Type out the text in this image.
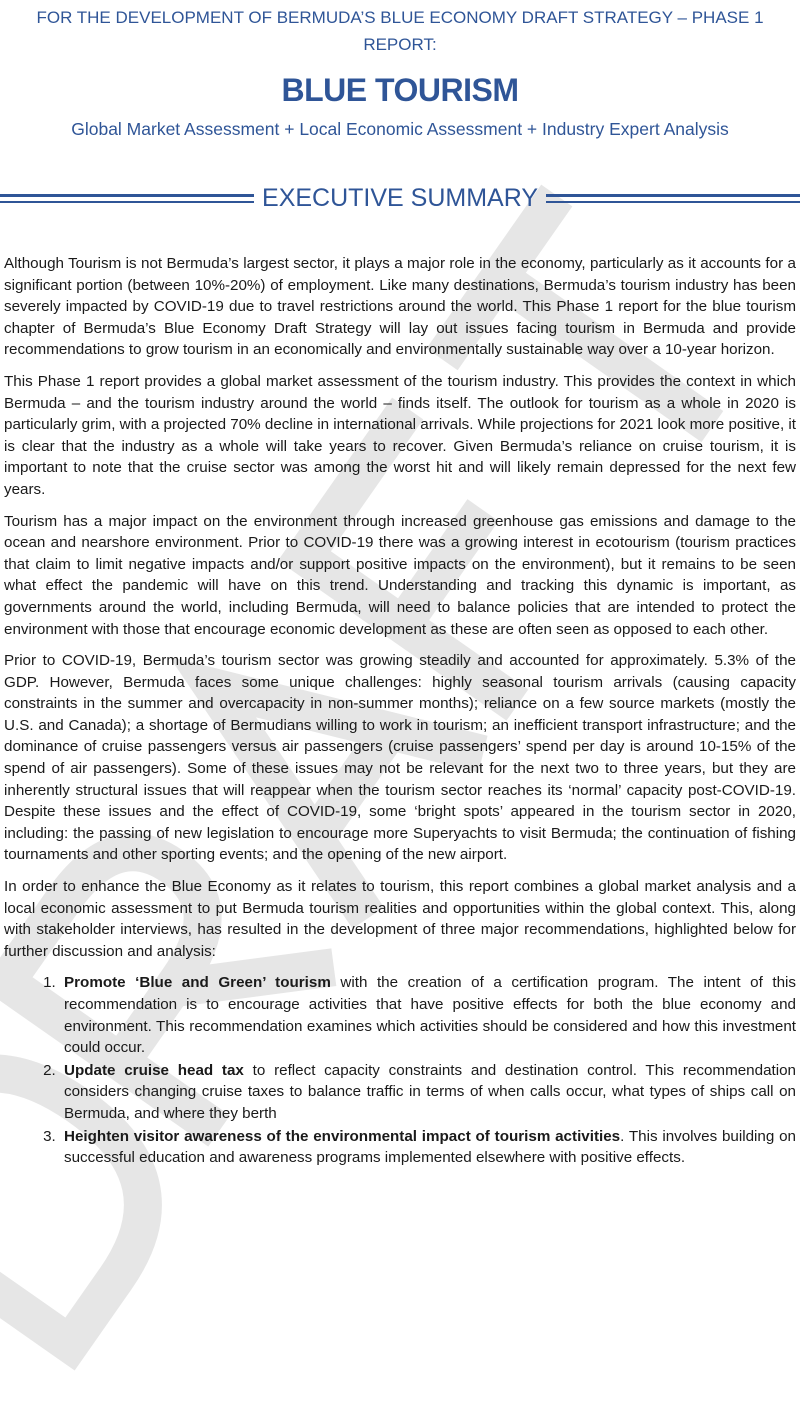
FOR THE DEVELOPMENT OF BERMUDA’S BLUE ECONOMY DRAFT STRATEGY – PHASE 1 REPORT:
BLUE TOURISM
Global Market Assessment + Local Economic Assessment + Industry Expert Analysis
EXECUTIVE SUMMARY

Although Tourism is not Bermuda’s largest sector, it plays a major role in the economy, particularly as it accounts for a significant portion (between 10%-20%) of employment. Like many destinations, Bermuda’s tourism industry has been severely impacted by COVID-19 due to travel restrictions around the world. This Phase 1 report for the blue tourism chapter of Bermuda’s Blue Economy Draft Strategy will lay out issues facing tourism in Bermuda and provide recommendations to grow tourism in an economically and environmentally sustainable way over a 10-year horizon.

This Phase 1 report provides a global market assessment of the tourism industry. This provides the context in which Bermuda – and the tourism industry around the world – finds itself. The outlook for tourism as a whole in 2020 is particularly grim, with a projected 70% decline in international arrivals. While projections for 2021 look more positive, it is clear that the industry as a whole will take years to recover. Given Bermuda’s reliance on cruise tourism, it is important to note that the cruise sector was among the worst hit and will likely remain depressed for the next few years.

Tourism has a major impact on the environment through increased greenhouse gas emissions and damage to the ocean and nearshore environment. Prior to COVID-19 there was a growing interest in ecotourism (tourism practices that claim to limit negative impacts and/or support positive impacts on the environment), but it remains to be seen what effect the pandemic will have on this trend. Understanding and tracking this dynamic is important, as governments around the world, including Bermuda, will need to balance policies that are intended to protect the environment with those that encourage economic development as these are often seen as opposed to each other.

Prior to COVID-19, Bermuda’s tourism sector was growing steadily and accounted for approximately. 5.3% of the GDP. However, Bermuda faces some unique challenges: highly seasonal tourism arrivals (causing capacity constraints in the summer and overcapacity in non-summer months); reliance on a few source markets (mostly the U.S. and Canada); a shortage of Bermudians willing to work in tourism; an inefficient transport infrastructure; and the dominance of cruise passengers versus air passengers (cruise passengers’ spend per day is around 10-15% of the spend of air passengers). Some of these issues may not be relevant for the next two to three years, but they are inherently structural issues that will reappear when the tourism sector reaches its ‘normal’ capacity post-COVID-19. Despite these issues and the effect of COVID-19, some ‘bright spots’ appeared in the tourism sector in 2020, including: the passing of new legislation to encourage more Superyachts to visit Bermuda; the continuation of fishing tournaments and other sporting events; and the opening of the new airport.

In order to enhance the Blue Economy as it relates to tourism, this report combines a global market analysis and a local economic assessment to put Bermuda tourism realities and opportunities within the global context. This, along with stakeholder interviews, has resulted in the development of three major recommendations, highlighted below for further discussion and analysis:

1. Promote ‘Blue and Green’ tourism with the creation of a certification program. The intent of this recommendation is to encourage activities that have positive effects for both the blue economy and environment. This recommendation examines which activities should be considered and how this investment could occur.
2. Update cruise head tax to reflect capacity constraints and destination control. This recommendation considers changing cruise taxes to balance traffic in terms of when calls occur, what types of ships call on Bermuda, and where they berth
3. Heighten visitor awareness of the environmental impact of tourism activities. This involves building on successful education and awareness programs implemented elsewhere with positive effects.
